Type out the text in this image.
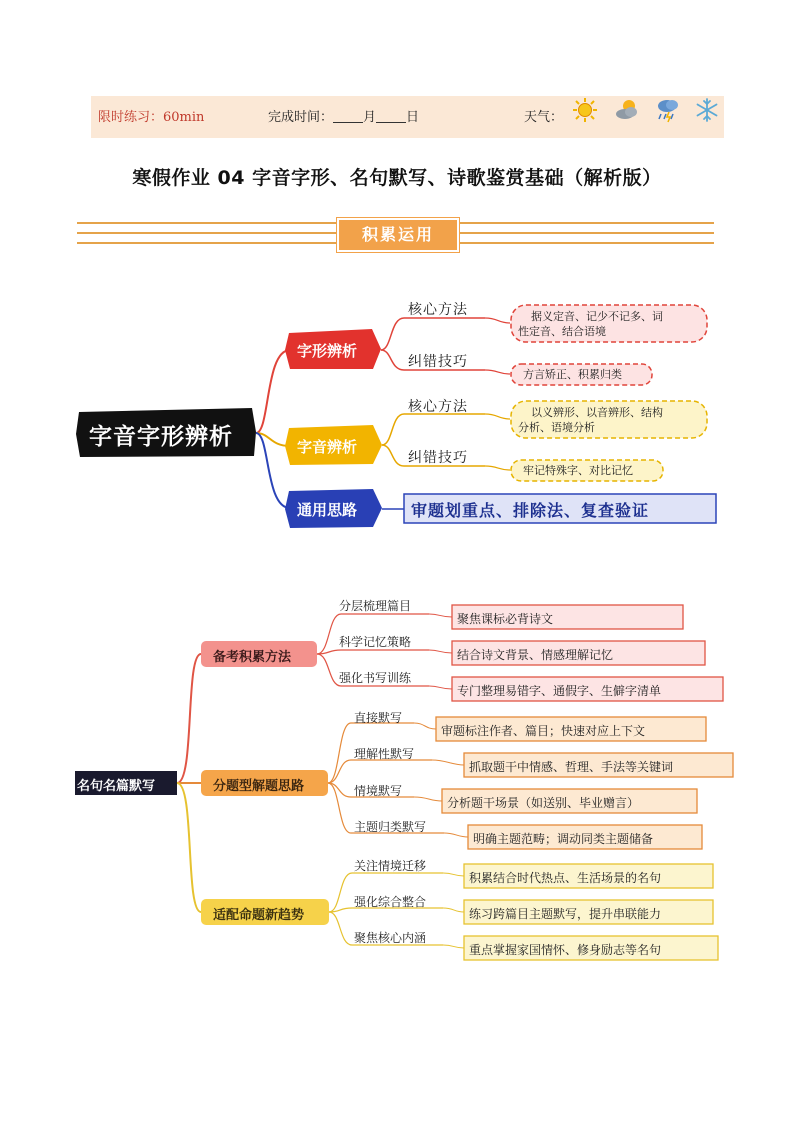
限时练习：60min	完成时间： 月 日	天气：
寒假作业 04 字音字形、名句默写、诗歌鉴赏基础（解析版）
积累运用
字音字形辨析
字形辨析
核心方法
纠错技巧
据义定音、记少不记多、词
性定音、结合语境
方言矫正、积累归类
字音辨析
核心方法
纠错技巧
以义辨形、以音辨形、结构
分析、语境分析
牢记特殊字、对比记忆
通用思路	审题划重点、排除法、复查验证
名句名篇默写
备考积累方法
分层梳理篇目
科学记忆策略
强化书写训练
聚焦课标必背诗文
结合诗文背景、情感理解记忆
专门整理易错字、通假字、生僻字清单
分题型解题思路
直接默写
理解性默写
情境默写
主题归类默写
审题标注作者、篇目；快速对应上下文
抓取题干中情感、哲理、手法等关键词
分析题干场景（如送别、毕业赠言）
明确主题范畴；调动同类主题储备
适配命题新趋势
关注情境迁移
强化综合整合
聚焦核心内涵
积累结合时代热点、生活场景的名句
练习跨篇目主题默写，提升串联能力
重点掌握家国情怀、修身励志等名句
